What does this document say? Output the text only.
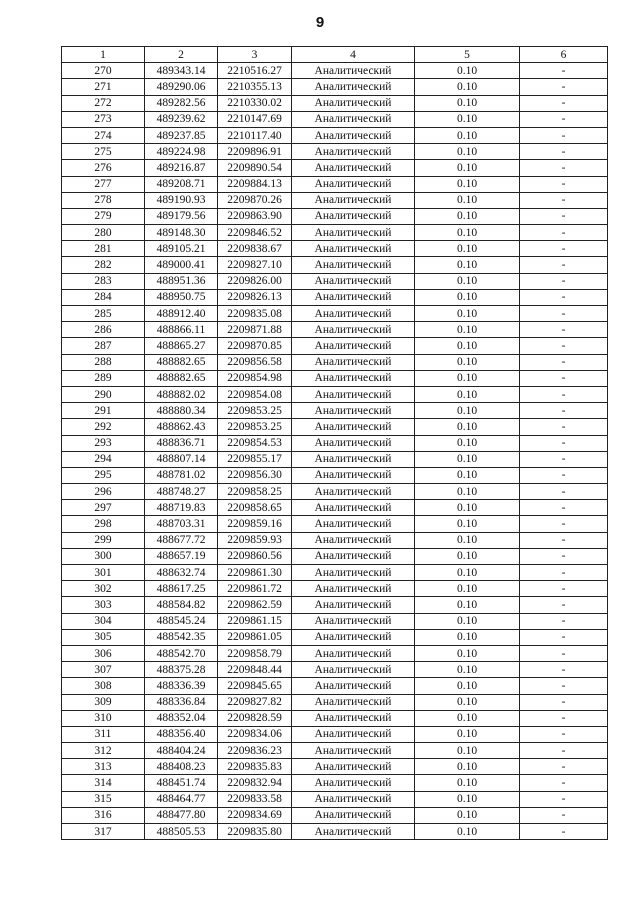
9
1	2	3	4	5	6
270	489343.14	2210516.27	Аналитический	0.10	-
271	489290.06	2210355.13	Аналитический	0.10	-
272	489282.56	2210330.02	Аналитический	0.10	-
273	489239.62	2210147.69	Аналитический	0.10	-
274	489237.85	2210117.40	Аналитический	0.10	-
275	489224.98	2209896.91	Аналитический	0.10	-
276	489216.87	2209890.54	Аналитический	0.10	-
277	489208.71	2209884.13	Аналитический	0.10	-
278	489190.93	2209870.26	Аналитический	0.10	-
279	489179.56	2209863.90	Аналитический	0.10	-
280	489148.30	2209846.52	Аналитический	0.10	-
281	489105.21	2209838.67	Аналитический	0.10	-
282	489000.41	2209827.10	Аналитический	0.10	-
283	488951.36	2209826.00	Аналитический	0.10	-
284	488950.75	2209826.13	Аналитический	0.10	-
285	488912.40	2209835.08	Аналитический	0.10	-
286	488866.11	2209871.88	Аналитический	0.10	-
287	488865.27	2209870.85	Аналитический	0.10	-
288	488882.65	2209856.58	Аналитический	0.10	-
289	488882.65	2209854.98	Аналитический	0.10	-
290	488882.02	2209854.08	Аналитический	0.10	-
291	488880.34	2209853.25	Аналитический	0.10	-
292	488862.43	2209853.25	Аналитический	0.10	-
293	488836.71	2209854.53	Аналитический	0.10	-
294	488807.14	2209855.17	Аналитический	0.10	-
295	488781.02	2209856.30	Аналитический	0.10	-
296	488748.27	2209858.25	Аналитический	0.10	-
297	488719.83	2209858.65	Аналитический	0.10	-
298	488703.31	2209859.16	Аналитический	0.10	-
299	488677.72	2209859.93	Аналитический	0.10	-
300	488657.19	2209860.56	Аналитический	0.10	-
301	488632.74	2209861.30	Аналитический	0.10	-
302	488617.25	2209861.72	Аналитический	0.10	-
303	488584.82	2209862.59	Аналитический	0.10	-
304	488545.24	2209861.15	Аналитический	0.10	-
305	488542.35	2209861.05	Аналитический	0.10	-
306	488542.70	2209858.79	Аналитический	0.10	-
307	488375.28	2209848.44	Аналитический	0.10	-
308	488336.39	2209845.65	Аналитический	0.10	-
309	488336.84	2209827.82	Аналитический	0.10	-
310	488352.04	2209828.59	Аналитический	0.10	-
311	488356.40	2209834.06	Аналитический	0.10	-
312	488404.24	2209836.23	Аналитический	0.10	-
313	488408.23	2209835.83	Аналитический	0.10	-
314	488451.74	2209832.94	Аналитический	0.10	-
315	488464.77	2209833.58	Аналитический	0.10	-
316	488477.80	2209834.69	Аналитический	0.10	-
317	488505.53	2209835.80	Аналитический	0.10	-
